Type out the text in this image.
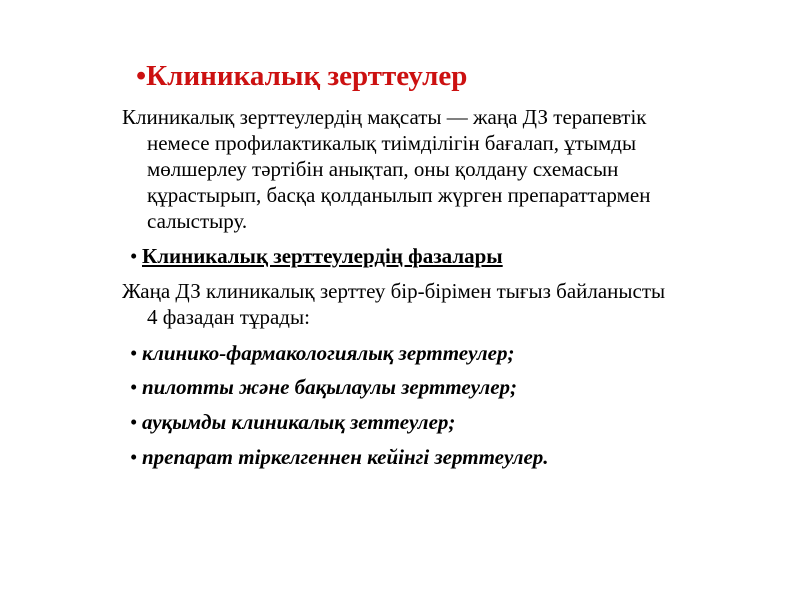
•Клиникалық зерттеулер
Клиникалық зерттеулердің мақсаты — жаңа ДЗ терапевтік
немесе профилактикалық тиімділігін бағалап, ұтымды
мөлшерлеу тәртібін анықтап, оны қолдану схемасын
құрастырып, басқа қолданылып жүрген препараттармен
салыстыру.
• Клиникалық зерттеулердің фазалары
Жаңа ДЗ клиникалық зерттеу бір-бірімен тығыз байланысты
4 фазадан тұрады:
• клинико-фармакологиялық зерттеулер;
• пилотты және бақылаулы зерттеулер;
• ауқымды клиникалық зеттеулер;
• препарат тіркелгеннен кейінгі зерттеулер.
